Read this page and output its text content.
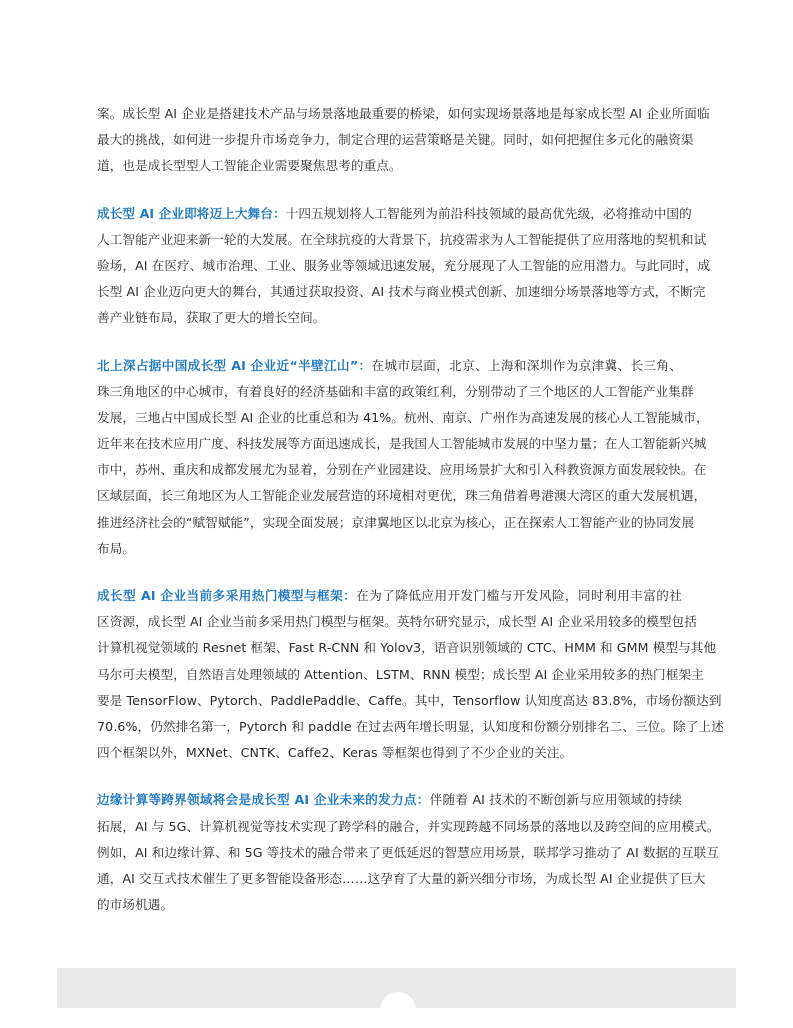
案。成长型 AI 企业是搭建技术产品与场景落地最重要的桥梁，如何实现场景落地是每家成长型 AI 企业所面临
最大的挑战，如何进一步提升市场竞争力，制定合理的运营策略是关键。同时，如何把握住多元化的融资渠
道，也是成长型型人工智能企业需要聚焦思考的重点。
成长型 AI 企业即将迈上大舞台：十四五规划将人工智能列为前沿科技领域的最高优先级，必将推动中国的
人工智能产业迎来新一轮的大发展。在全球抗疫的大背景下，抗疫需求为人工智能提供了应用落地的契机和试
验场，AI 在医疗、城市治理、工业、服务业等领域迅速发展，充分展现了人工智能的应用潜力。与此同时，成
长型 AI 企业迈向更大的舞台，其通过获取投资、AI 技术与商业模式创新、加速细分场景落地等方式，不断完
善产业链布局，获取了更大的增长空间。
北上深占据中国成长型 AI 企业近“半壁江山”：在城市层面，北京、上海和深圳作为京津冀、长三角、
珠三角地区的中心城市，有着良好的经济基础和丰富的政策红利，分别带动了三个地区的人工智能产业集群
发展，三地占中国成长型 AI 企业的比重总和为 41%。杭州、南京、广州作为高速发展的核心人工智能城市，
近年来在技术应用广度、科技发展等方面迅速成长，是我国人工智能城市发展的中坚力量；在人工智能新兴城
市中，苏州、重庆和成都发展尤为显着，分别在产业园建设、应用场景扩大和引入科教资源方面发展较快。在
区域层面，长三角地区为人工智能企业发展营造的环境相对更优，珠三角借着粤港澳大湾区的重大发展机遇，
推进经济社会的“赋智赋能”，实现全面发展；京津翼地区以北京为核心，正在探索人工智能产业的协同发展
布局。
成长型 AI 企业当前多采用热门模型与框架：在为了降低应用开发门槛与开发风险，同时利用丰富的社
区资源，成长型 AI 企业当前多采用热门模型与框架。英特尔研究显示，成长型 AI 企业采用较多的模型包括
计算机视觉领域的 Resnet 框架、Fast R-CNN 和 Yolov3，语音识别领域的 CTC、HMM 和 GMM 模型与其他
马尔可夫模型，自然语言处理领域的 Attention、LSTM、RNN 模型；成长型 AI 企业采用较多的热门框架主
要是 TensorFlow、Pytorch、PaddlePaddle、Caffe。其中，Tensorflow 认知度高达 83.8%，市场份额达到
70.6%，仍然排名第一，Pytorch 和 paddle 在过去两年增长明显，认知度和份额分别排名二、三位。除了上述
四个框架以外，MXNet、CNTK、Caffe2、Keras 等框架也得到了不少企业的关注。
边缘计算等跨界领域将会是成长型 AI 企业未来的发力点：伴随着 AI 技术的不断创新与应用领域的持续
拓展，AI 与 5G、计算机视觉等技术实现了跨学科的融合，并实现跨越不同场景的落地以及跨空间的应用模式。
例如，AI 和边缘计算、和 5G 等技术的融合带来了更低延迟的智慧应用场景，联邦学习推动了 AI 数据的互联互
通，AI 交互式技术催生了更多智能设备形态……这孕育了大量的新兴细分市场，为成长型 AI 企业提供了巨大
的市场机遇。
